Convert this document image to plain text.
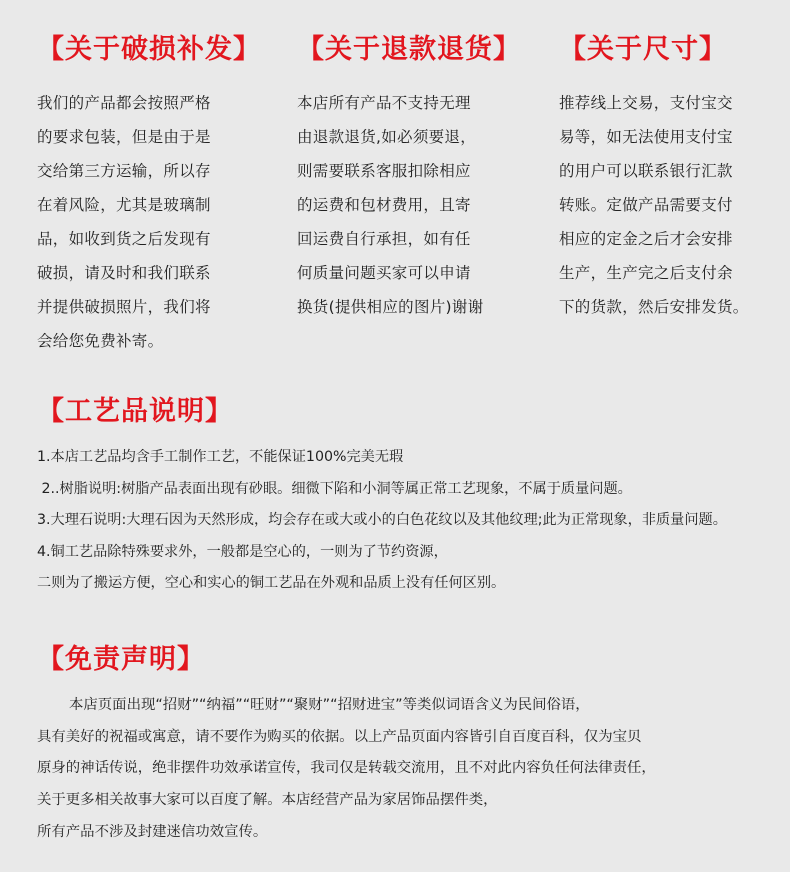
【关于破损补发】
我们的产品都会按照严格
的要求包装，但是由于是
交给第三方运输，所以存
在着风险，尤其是玻璃制
品，如收到货之后发现有
破损，请及时和我们联系
并提供破损照片，我们将
会给您免费补寄。
【关于退款退货】
本店所有产品不支持无理
由退款退货,如必须要退，
则需要联系客服扣除相应
的运费和包材费用，且寄
回运费自行承担，如有任
何质量问题买家可以申请
换货(提供相应的图片)谢谢
【关于尺寸】
推荐线上交易，支付宝交
易等，如无法使用支付宝
的用户可以联系银行汇款
转账。定做产品需要支付
相应的定金之后才会安排
生产，生产完之后支付余
下的货款，然后安排发货。
【工艺品说明】
1.本店工艺品均含手工制作工艺，不能保证100%完美无瑕
2..树脂说明:树脂产品表面出现有砂眼。细微下陷和小洞等属正常工艺现象，不属于质量问题。
3.大理石说明:大理石因为天然形成，均会存在或大或小的白色花纹以及其他纹理;此为正常现象，非质量问题。
4.铜工艺品除特殊要求外，一般都是空心的，一则为了节约资源，
二则为了搬运方便，空心和实心的铜工艺品在外观和品质上没有任何区别。
【免责声明】
本店页面出现“招财”“纳福”“旺财”“聚财”“招财进宝”等类似词语含义为民间俗语，
具有美好的祝福或寓意，请不要作为购买的依据。以上产品页面内容皆引自百度百科，仅为宝贝
原身的神话传说，绝非摆件功效承诺宣传，我司仅是转载交流用，且不对此内容负任何法律责任，
关于更多相关故事大家可以百度了解。本店经营产品为家居饰品摆件类，
所有产品不涉及封建迷信功效宣传。
